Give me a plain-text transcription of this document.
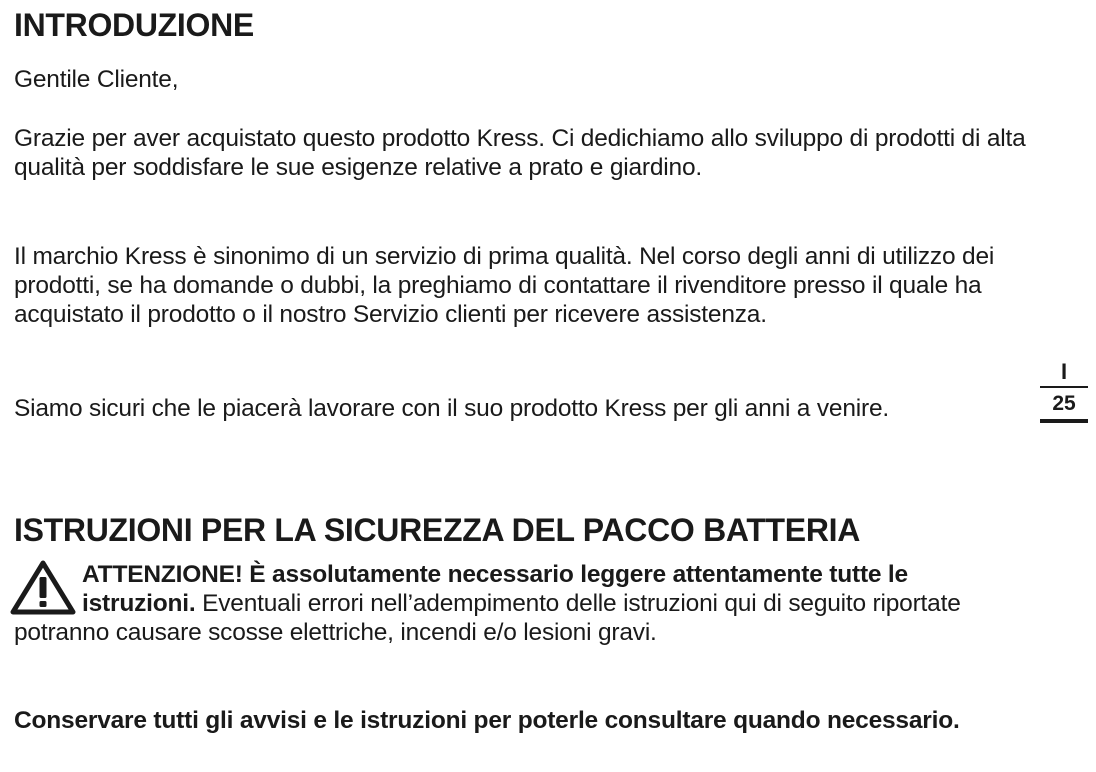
INTRODUZIONE

Gentile Cliente,

Grazie per aver acquistato questo prodotto Kress. Ci dedichiamo allo sviluppo di prodotti di alta qualità per soddisfare le sue esigenze relative a prato e giardino.

Il marchio Kress è sinonimo di un servizio di prima qualità. Nel corso degli anni di utilizzo dei prodotti, se ha domande o dubbi, la preghiamo di contattare il rivenditore presso il quale ha acquistato il prodotto o il nostro Servizio clienti per ricevere assistenza.

Siamo sicuri che le piacerà lavorare con il suo prodotto Kress per gli anni a venire.

ISTRUZIONI PER LA SICUREZZA DEL PACCO BATTERIA

ATTENZIONE! È assolutamente necessario leggere attentamente tutte le istruzioni. Eventuali errori nell’adempimento delle istruzioni qui di seguito riportate potranno causare scosse elettriche, incendi e/o lesioni gravi.

Conservare tutti gli avvisi e le istruzioni per poterle consultare quando necessario.

I
25
